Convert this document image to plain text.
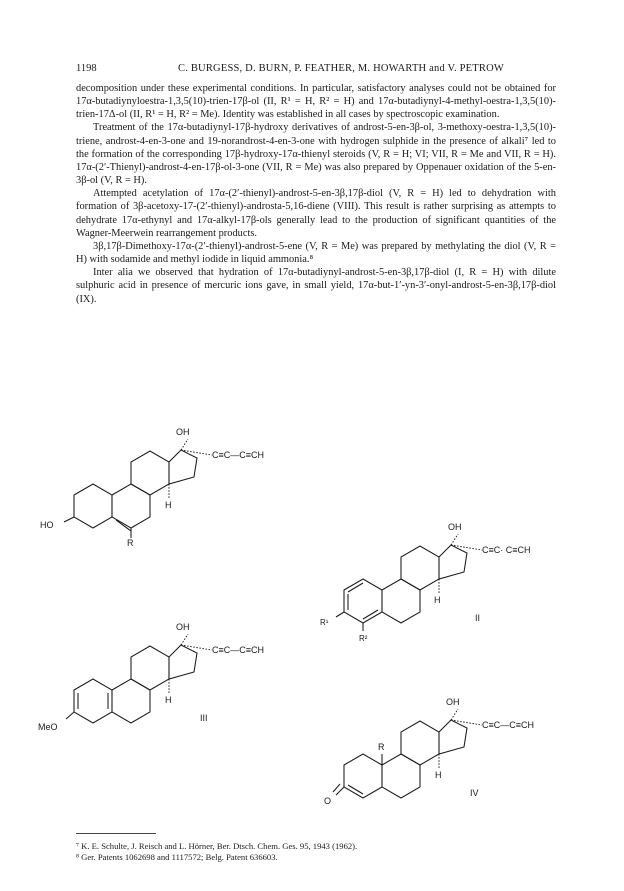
1198	C. BURGESS, D. BURN, P. FEATHER, M. HOWARTH and V. PETROW

decomposition under these experimental conditions. In particular, satisfactory analyses could not be obtained for 17α-butadiynyloestra-1,3,5(10)-trien-17β-ol (II, R¹ = H, R² = H) and 17α-butadiynyl-4-methyl-oestra-1,3,5(10)-trien-17Δ-ol (II, R¹ = H, R² = Me). Identity was established in all cases by spectroscopic examination.

Treatment of the 17α-butadiynyl-17β-hydroxy derivatives of androst-5-en-3β-ol, 3-methoxy-oestra-1,3,5(10)-triene, androst-4-en-3-one and 19-norandrost-4-en-3-one with hydrogen sulphide in the presence of alkali⁷ led to the formation of the corresponding 17β-hydroxy-17α-thienyl steroids (V, R = H; VI; VII, R = Me and VII, R = H). 17α-(2′-Thienyl)-androst-4-en-17β-ol-3-one (VII, R = Me) was also prepared by Oppenauer oxidation of the 5-en-3β-ol (V, R = H).

Attempted acetylation of 17α-(2′-thienyl)-androst-5-en-3β,17β-diol (V, R = H) led to dehydration with formation of 3β-acetoxy-17-(2′-thienyl)-androsta-5,16-diene (VIII). This result is rather surprising as attempts to dehydrate 17α-ethynyl and 17α-alkyl-17β-ols generally lead to the production of significant quantities of the Wagner-Meerwein rearrangement products.

3β,17β-Dimethoxy-17α-(2′-thienyl)-androst-5-ene (V, R = Me) was prepared by methylating the diol (V, R = H) with sodamide and methyl iodide in liquid ammonia.⁸

Inter alia we observed that hydration of 17α-butadiynyl-androst-5-en-3β,17β-diol (I, R = H) with dilute sulphuric acid in presence of mercuric ions gave, in small yield, 17α-but-1′-yn-3′-onyl-androst-5-en-3β,17β-diol (IX).

OH
C≡C—C≡CH
H
HO
R
OH
C≡C· C≡CH
H
R¹
R²
II
OH
C≡C—C≡CH
H
MeO
III
OH
C≡C—C≡CH
H
R
O
IV
⁷ K. E. Schulte, J. Reisch and L. Hörner, Ber. Dtsch. Chem. Ges. 95, 1943 (1962).
⁸ Ger. Patents 1062698 and 1117572; Belg. Patent 636603.
